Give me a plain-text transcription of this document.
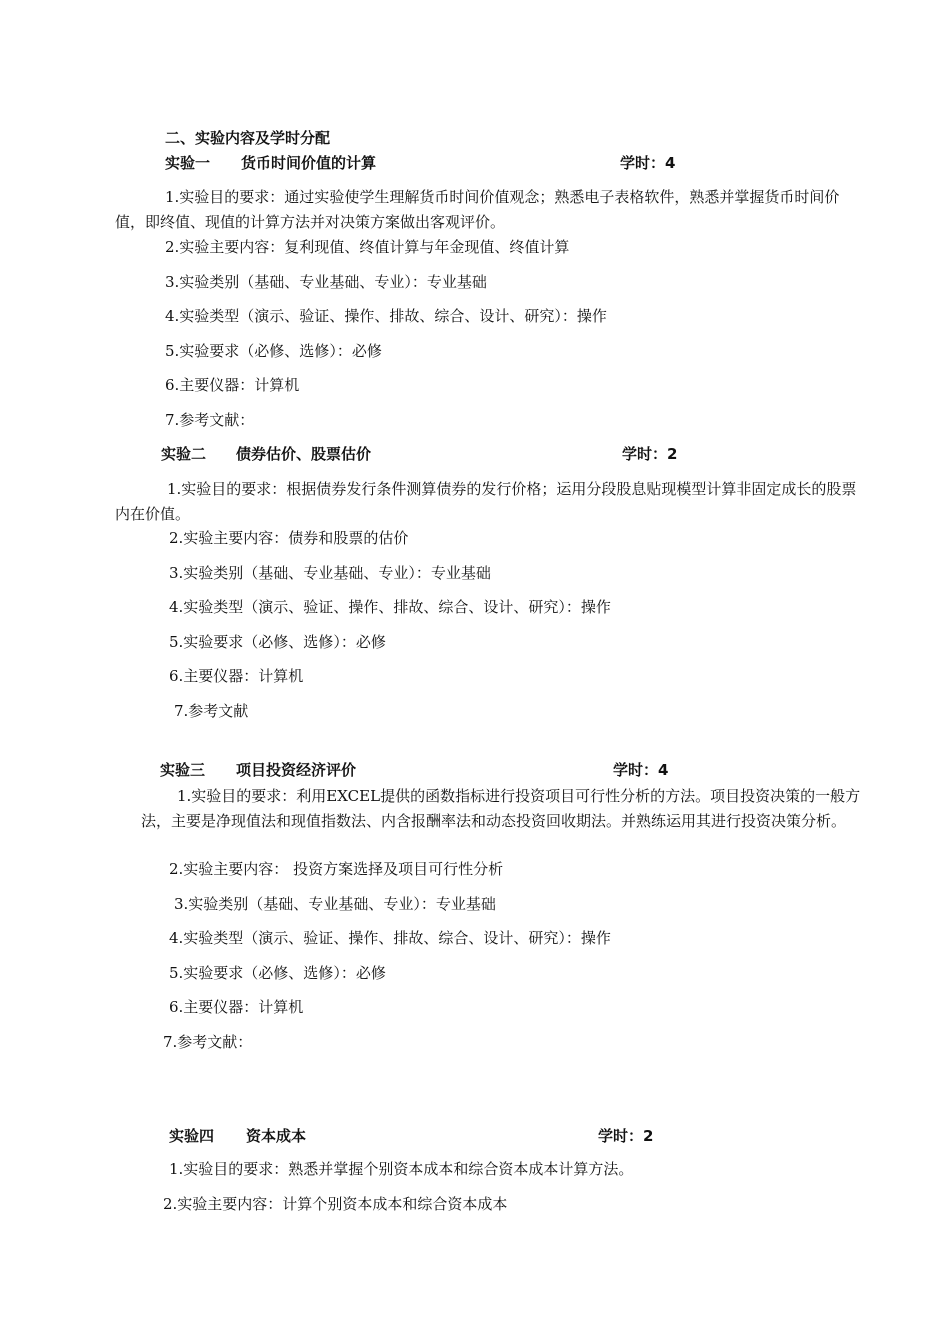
二、实验内容及学时分配
实验一 货币时间价值的计算	学时：4
1.实验目的要求：通过实验使学生理解货币时间价值观念；熟悉电子表格软件，熟悉并掌握货币时间价值，即终值、现值的计算方法并对决策方案做出客观评价。
2.实验主要内容：复利现值、终值计算与年金现值、终值计算
3.实验类别（基础、专业基础、专业）：专业基础
4.实验类型（演示、验证、操作、排故、综合、设计、研究）：操作
5.实验要求（必修、选修）：必修
6.主要仪器：计算机
7.参考文献：
实验二 债券估价、股票估价	学时：2
1.实验目的要求：根据债券发行条件测算债券的发行价格；运用分段股息贴现模型计算非固定成长的股票内在价值。
2.实验主要内容：债券和股票的估价
3.实验类别（基础、专业基础、专业）：专业基础
4.实验类型（演示、验证、操作、排故、综合、设计、研究）：操作
5.实验要求（必修、选修）：必修
6.主要仪器：计算机
7.参考文献
实验三 项目投资经济评价	学时：4
1.实验目的要求：利用EXCEL提供的函数指标进行投资项目可行性分析的方法。项目投资决策的一般方法，主要是净现值法和现值指数法、内含报酬率法和动态投资回收期法。并熟练运用其进行投资决策分析。
2.实验主要内容： 投资方案选择及项目可行性分析
3.实验类别（基础、专业基础、专业）：专业基础
4.实验类型（演示、验证、操作、排故、综合、设计、研究）：操作
5.实验要求（必修、选修）：必修
6.主要仪器：计算机
7.参考文献：
实验四 资本成本	学时：2
1.实验目的要求：熟悉并掌握个别资本成本和综合资本成本计算方法。
2.实验主要内容：计算个别资本成本和综合资本成本
